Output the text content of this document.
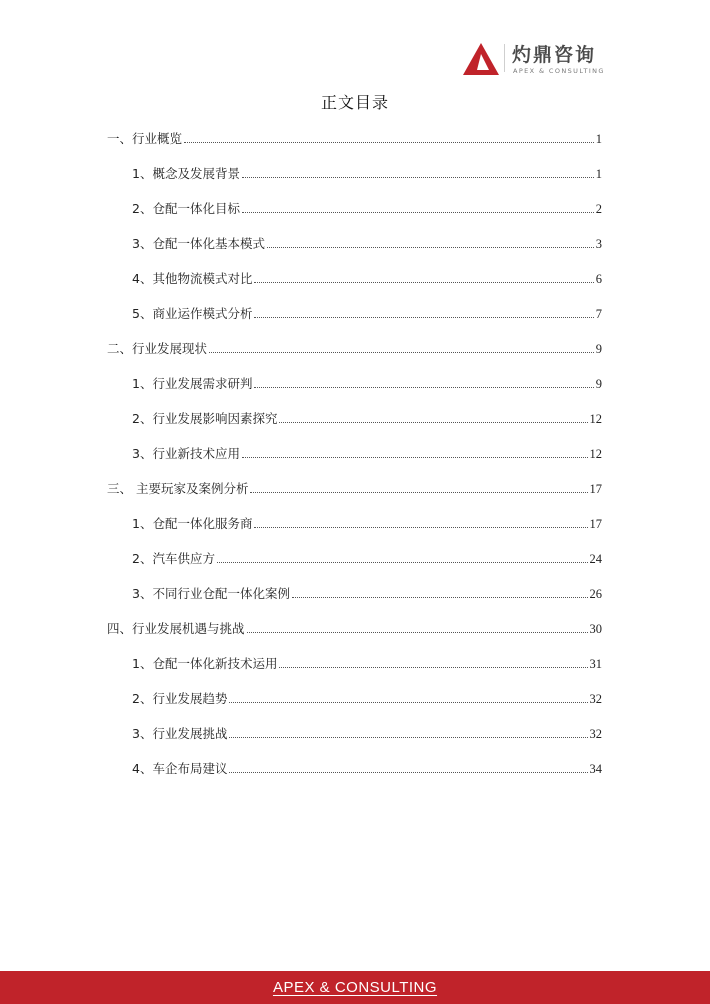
灼鼎咨询
APEX & CONSULTING
正文目录
一、行业概览	1
1、概念及发展背景	1
2、仓配一体化目标	2
3、仓配一体化基本模式	3
4、其他物流模式对比	6
5、商业运作模式分析	7
二、行业发展现状	9
1、行业发展需求研判	9
2、行业发展影响因素探究	12
3、行业新技术应用	12
三、 主要玩家及案例分析	17
1、仓配一体化服务商	17
2、汽车供应方	24
3、不同行业仓配一体化案例	26
四、行业发展机遇与挑战	30
1、仓配一体化新技术运用	31
2、行业发展趋势	32
3、行业发展挑战	32
4、车企布局建议	34
APEX & CONSULTING
